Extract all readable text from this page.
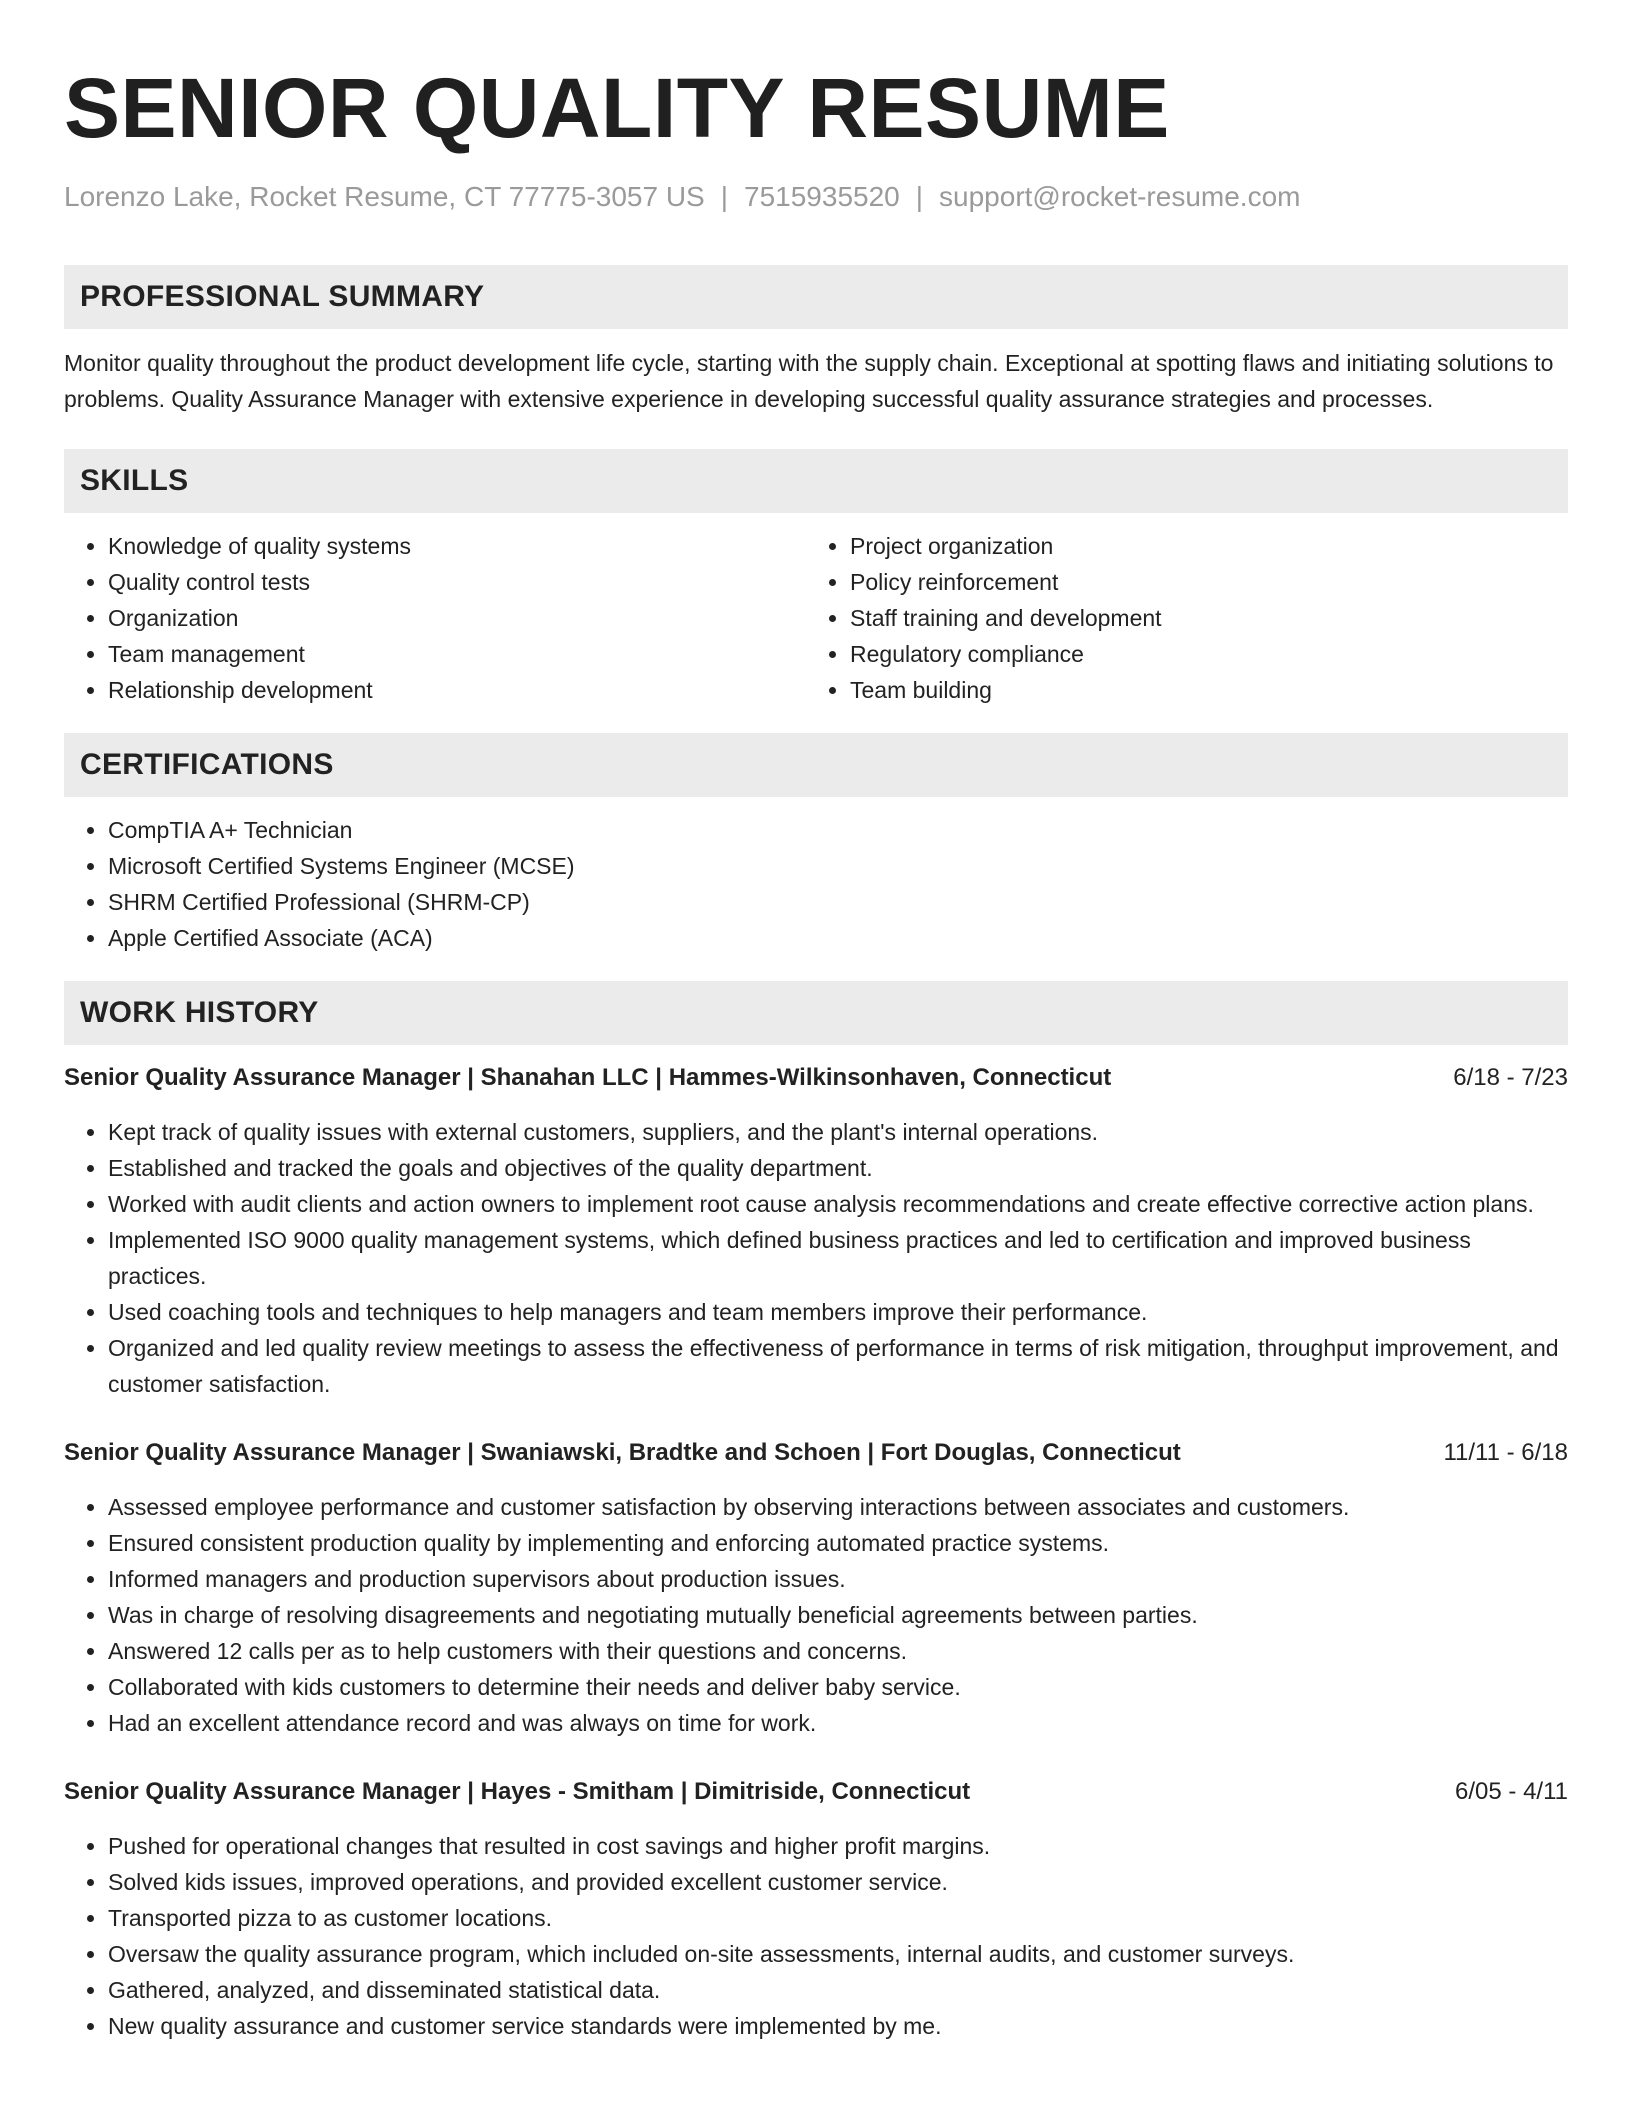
SENIOR QUALITY RESUME
Lorenzo Lake, Rocket Resume, CT 77775-3057 US | 7515935520 | support@rocket-resume.com
PROFESSIONAL SUMMARY

Monitor quality throughout the product development life cycle, starting with the supply chain. Exceptional at spotting flaws and initiating solutions to problems. Quality Assurance Manager with extensive experience in developing successful quality assurance strategies and processes.

SKILLS
• Knowledge of quality systems
• Quality control tests
• Organization
• Team management
• Relationship development
• Project organization
• Policy reinforcement
• Staff training and development
• Regulatory compliance
• Team building
CERTIFICATIONS
• CompTIA A+ Technician
• Microsoft Certified Systems Engineer (MCSE)
• SHRM Certified Professional (SHRM-CP)
• Apple Certified Associate (ACA)
WORK HISTORY
Senior Quality Assurance Manager | Shanahan LLC | Hammes-Wilkinsonhaven, Connecticut	6/18 - 7/23
• Kept track of quality issues with external customers, suppliers, and the plant's internal operations.
• Established and tracked the goals and objectives of the quality department.
• Worked with audit clients and action owners to implement root cause analysis recommendations and create effective corrective action plans.
• Implemented ISO 9000 quality management systems, which defined business practices and led to certification and improved business practices.
• Used coaching tools and techniques to help managers and team members improve their performance.
• Organized and led quality review meetings to assess the effectiveness of performance in terms of risk mitigation, throughput improvement, and customer satisfaction.
Senior Quality Assurance Manager | Swaniawski, Bradtke and Schoen | Fort Douglas, Connecticut	11/11 - 6/18
• Assessed employee performance and customer satisfaction by observing interactions between associates and customers.
• Ensured consistent production quality by implementing and enforcing automated practice systems.
• Informed managers and production supervisors about production issues.
• Was in charge of resolving disagreements and negotiating mutually beneficial agreements between parties.
• Answered 12 calls per as to help customers with their questions and concerns.
• Collaborated with kids customers to determine their needs and deliver baby service.
• Had an excellent attendance record and was always on time for work.
Senior Quality Assurance Manager | Hayes - Smitham | Dimitriside, Connecticut	6/05 - 4/11
• Pushed for operational changes that resulted in cost savings and higher profit margins.
• Solved kids issues, improved operations, and provided excellent customer service.
• Transported pizza to as customer locations.
• Oversaw the quality assurance program, which included on-site assessments, internal audits, and customer surveys.
• Gathered, analyzed, and disseminated statistical data.
• New quality assurance and customer service standards were implemented by me.
